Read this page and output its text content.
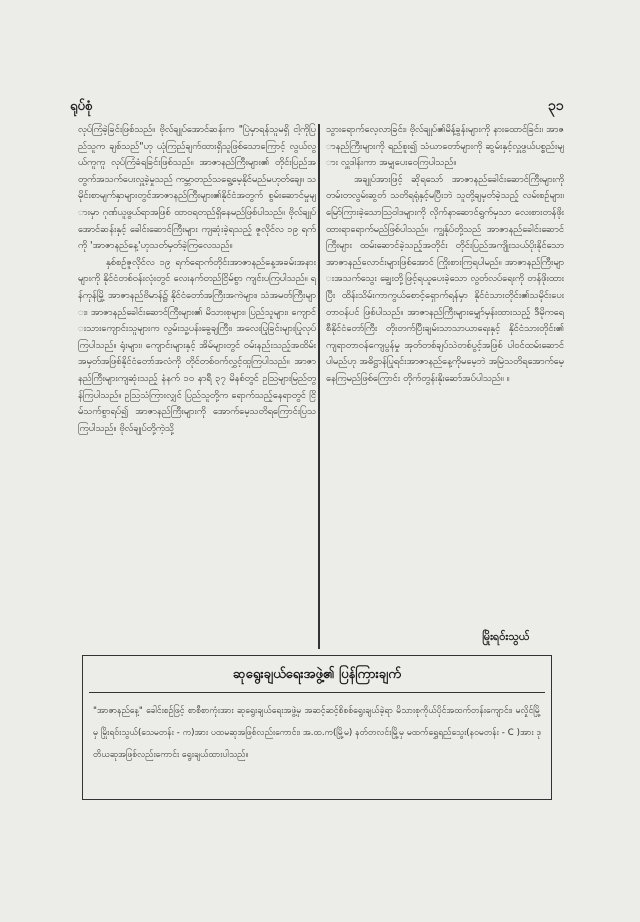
ရုပ်စုံ	၃၁

လုပ်ကြံခဲ့ခြင်းဖြစ်သည်။ ဗိုလ်ချုပ်အောင်ဆန်းက "ပြဲမှာရန်သူမရှိ ငါ့ကိုပြည်သူက ချစ်သည်"ဟု ယုံကြည်ချက်ထားရှိသူဖြစ်သောကြောင့် လွယ်လွယ်ကူကူ လုပ်ကြံခံရခြင်းဖြစ်သည်။ အာဇာနည်ကြီးများ၏ တိုင်းပြည်အတွက်အသက်ပေးလှူခဲ့မှုသည် ကမ္ဘာတည်သရွေ့မေ့နိုင်မည်မဟုတ်ချေ။ သမိုင်းစာမျက်နှာများတွင်အာဇာနည်ကြီးများ၏နိုင်ငံအတွက် စွမ်းဆောင်မှုများမှာ ဂုဏ်ယူဖွယ်ရာအဖြစ် ထာဝရတည်ရှိနေမည်ဖြစ်ပါသည်။ ဗိုလ်ချုပ်အောင်ဆန်းနှင့် ခေါင်းဆောင်ကြီးများ ကျဆုံးခဲ့ရသည့် ဇူလိုင်လ ၁၉ ရက်ကို 'အာဇာနည်နေ့'ဟုသတ်မှတ်ခဲ့ကြလေသည်။

နှစ်စဉ်ဇူလိုင်လ ၁၉ ရက်ရောက်တိုင်းအာဇာနည်နေ့အခမ်းအနားများကို နိုင်ငံတစ်ဝန်းလုံးတွင် လေးနက်တည်ငြိမ်စွာ ကျင်းပကြပါသည်။ ရန်ကုန်မြို့ အာဇာနည်ဗိမာန်၌ နိုင်ငံတော်အကြီးအကဲများ၊ သံအမတ်ကြီးများ၊ အာဇာနည်ခေါင်းဆောင်ကြီးများ၏ မိသားစုများ၊ ပြည်သူများ၊ ကျောင်းသားကျောင်းသူများက လွမ်းသူ့ပန်းခွေချကြီး၊ အလေးပြုခြင်းများပြုလုပ်ကြပါသည်။ ရုံးများ၊ ကျောင်းများနှင့် အိမ်များတွင် ဝမ်းနည်းသည့်အထိမ်းအမှတ်အဖြစ်နိုင်ငံတော်အလံကို တိုင်တစ်ဝက်လွှင့်ထူကြပါသည်။ အာဇာနည်ကြီးများကျဆုံးသည့် နံနက် ၁၀ နာရီ ၃၇ မိနစ်တွင် ဥဩများမြည်တွန်ကြပါသည်။ ဥဩသံကြားလျှင် ပြည်သူတို့က ရောက်သည့်နေရာတွင် ငြိမ်သက်စွာရပ်၍ အာဇာနည်ကြီးများကို အောက်မေ့သတိရကြောင်းပြသကြပါသည်။ ဗိုလ်ချုပ်တို့ကဲ့သို့

သွားရောက်လေ့လာခြင်း၊ ဗိုလ်ချုပ်၏မိန့်ခွန်းများကို နားထောင်ခြင်း၊ အာဇာနည်ကြီးများကို ရည်စူး၍ သံဃာတော်များကို ဆွမ်းနှင့်လှူဖွယ်ပစ္စည်းများ လှူဒါန်းကာ အမျှပေးဝေကြပါသည်။

အချုပ်အားဖြင့် ဆိုရသော် အာဇာနည်ခေါင်းဆောင်ကြီးများကို တမ်းတလွမ်းဆွတ် သတိရရုံနှင့်မပြီးဘဲ သူတို့ချမှတ်ခဲ့သည့် လမ်းစဉ်များ၊ မြော်ကြားခဲ့သောဩဝါဒများကို လိုက်နာဆောင်ရွက်မှသာ လေးစားတန်ဖိုးထားရာရောက်မည်ဖြစ်ပါသည်။ ကျွန်ုပ်တို့သည် အာဇာနည်ခေါင်းဆောင်ကြီးများ ထမ်းဆောင်ခဲ့သည့်အတိုင်း တိုင်းပြည်အကျိုးသယ်ပိုးနိုင်သော အာဇာနည်လောင်းများဖြစ်အောင် ကြိုးစားကြရပါမည်။ အာဇာနည်ကြီးများအသက်သွေး ချွေးတို့ဖြင့်ရယူပေးခဲ့သော လွတ်လပ်ရေးကို တန်ဖိုးထားပြီး ထိန်းသိမ်းကာကွယ်စောင့်ရှောက်ရန်မှာ နိုင်ငံသားတိုင်း၏သမိုင်းပေးတာဝန်ပင် ဖြစ်ပါသည်။ အာဇာနည်ကြီးများမျှော်မှန်းထားသည့် ဒီမိုကရေစီနိုင်ငံတော်ကြီး တိုးတက်ပြီးချမ်းသာသာယာရေးနှင့် နိုင်ငံသားတိုင်း၏ ကျရာတာဝန်ကျေပွန်မှု အုတ်တစ်ချပ်သဲတစ်ပွင့်အဖြစ် ပါဝင်ထမ်းဆောင်ပါမည်ဟု အဓိဋ္ဌာန်ပြုရင်းအာဇာနည်နေ့ကိုမမေ့ဘဲ အမြဲသတိရအောက်မေ့နေကြမည်ဖြစ်ကြောင်း တိုက်တွန်းနိုးဆော်အပ်ပါသည်။ ။

မြိုးရဝ်းသွယ်
ဆုရွေးချယ်ရေးအဖွဲ့၏ ပြန်ကြားချက်
"အာဇာနည်နေ့" ခေါင်းစဉ်ဖြင့် စာစီစာကုံးအား ဆုရွေးချယ်ရေးအဖွဲ့မှ အဆင့်ဆင့်စိစစ်ရွေးချယ်ခဲ့ရာ မိသားစုကိုယ်ပိုင်အထက်တန်းကျောင်း၊ မလှိုင်မြို့မှ မြိုးရဝ်းသွယ်(သေမတန်း - က)အား ပထမဆုအဖြစ်လည်းကောင်း၊ အ.ထ.က(မြို့မ) နတ်တလင်းမြို့မှ မထက်ရွှေရည်သွေး(နဝမတန်း - C )အား ဒုတိယဆုအဖြစ်လည်းကောင်း ရွေးချယ်ထားပါသည်။
